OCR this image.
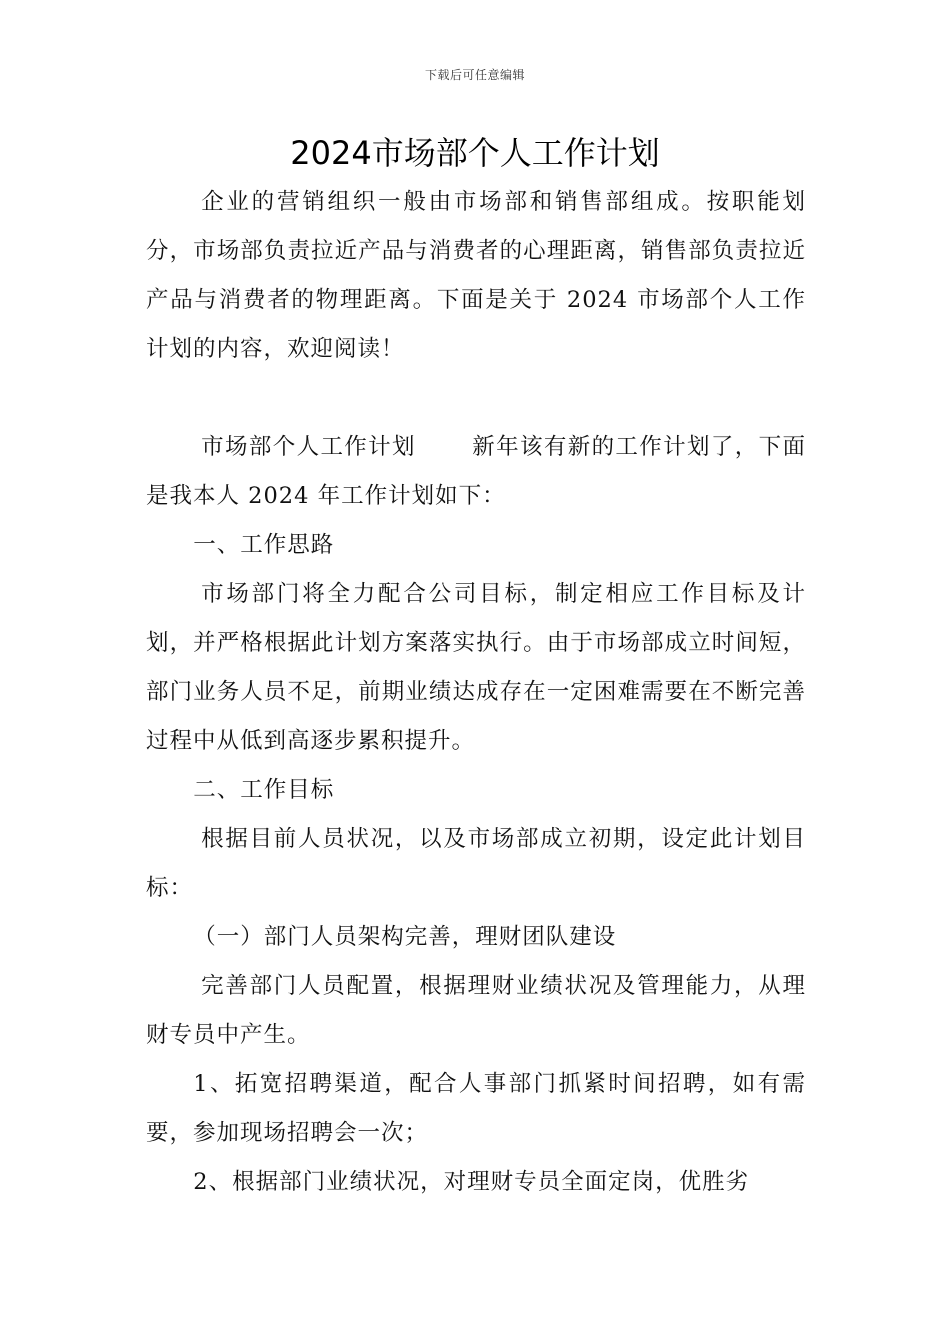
下载后可任意编辑
2024市场部个人工作计划

企业的营销组织一般由市场部和销售部组成。按职能划分，市场部负责拉近产品与消费者的心理距离，销售部负责拉近产品与消费者的物理距离。下面是关于 2024 市场部个人工作计划的内容，欢迎阅读！

市场部个人工作计划 新年该有新的工作计划了，下面是我本人 2024 年工作计划如下：

一、工作思路

市场部门将全力配合公司目标，制定相应工作目标及计划，并严格根据此计划方案落实执行。由于市场部成立时间短，部门业务人员不足，前期业绩达成存在一定困难需要在不断完善过程中从低到高逐步累积提升。

二、工作目标

根据目前人员状况，以及市场部成立初期，设定此计划目标：

（一）部门人员架构完善，理财团队建设

完善部门人员配置，根据理财业绩状况及管理能力，从理财专员中产生。

1、拓宽招聘渠道，配合人事部门抓紧时间招聘，如有需要，参加现场招聘会一次；

2、根据部门业绩状况，对理财专员全面定岗，优胜劣
